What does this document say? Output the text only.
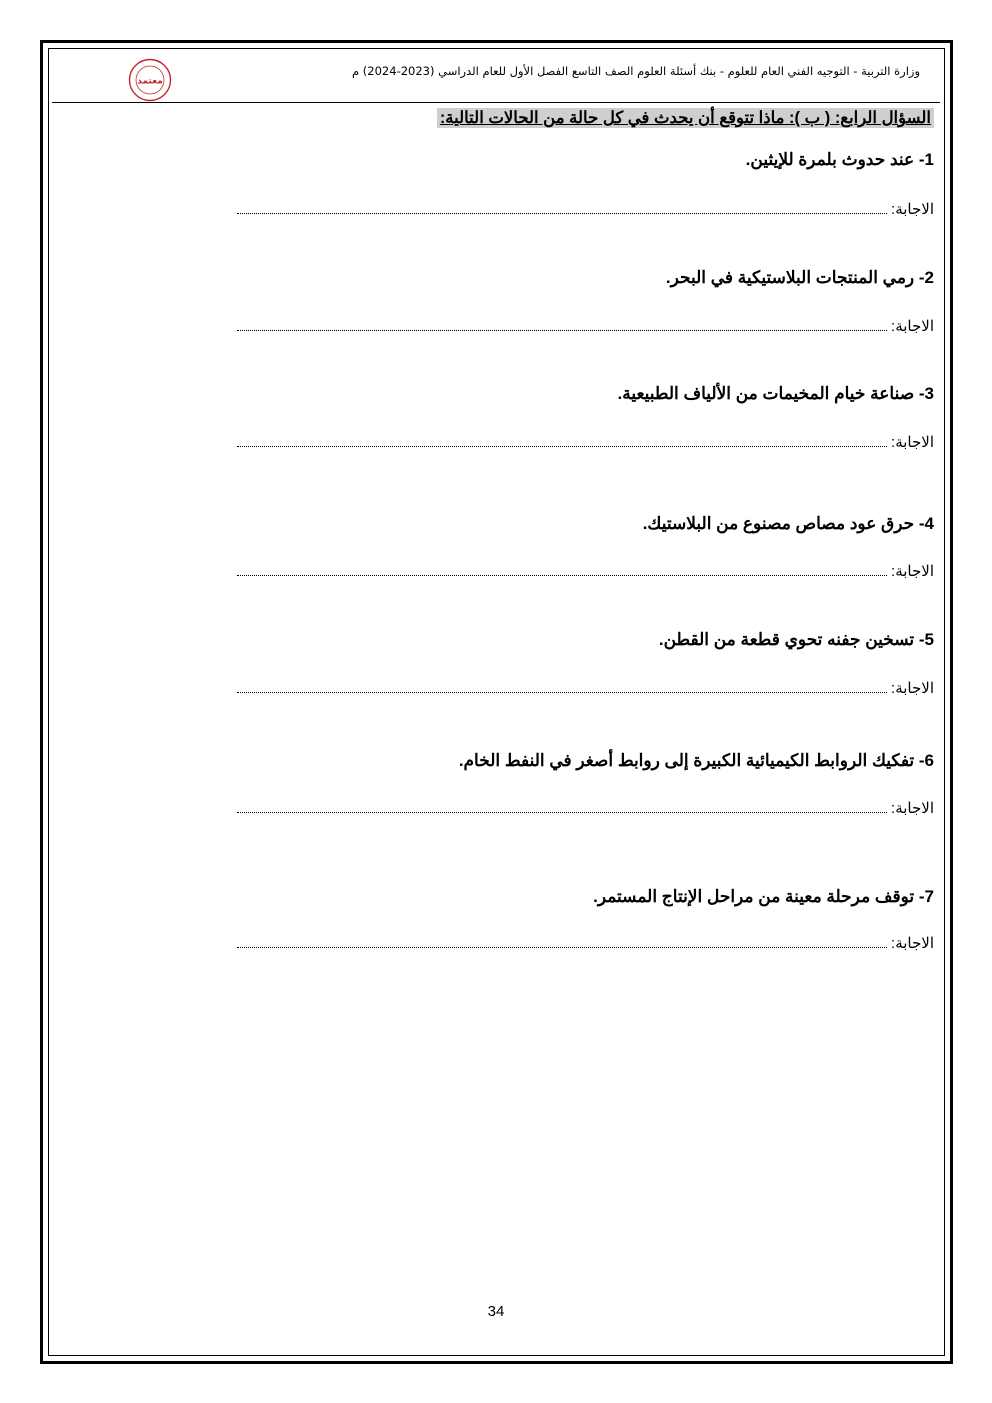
معتمد
وزارة التربية - التوجيه الفني العام للعلوم - بنك أسئلة العلوم الصف التاسع الفصل الأول للعام الدراسي (2023-2024) م
السؤال الرابع: ( ب ): ماذا تتوقع أن يحدث في كل حالة من الحالات التالية:
1- عند حدوث بلمرة للإيثين.
الاجابة:
2- رمي المنتجات البلاستيكية في البحر.
الاجابة:
3- صناعة خيام المخيمات من الألياف الطبيعية.
الاجابة:
4- حرق عود مصاص مصنوع من البلاستيك.
الاجابة:
5- تسخين جفنه تحوي قطعة من القطن.
الاجابة:
6- تفكيك الروابط الكيميائية الكبيرة إلى روابط أصغر في النفط الخام.
الاجابة:
7- توقف مرحلة معينة من مراحل الإنتاج المستمر.
الاجابة:
34
